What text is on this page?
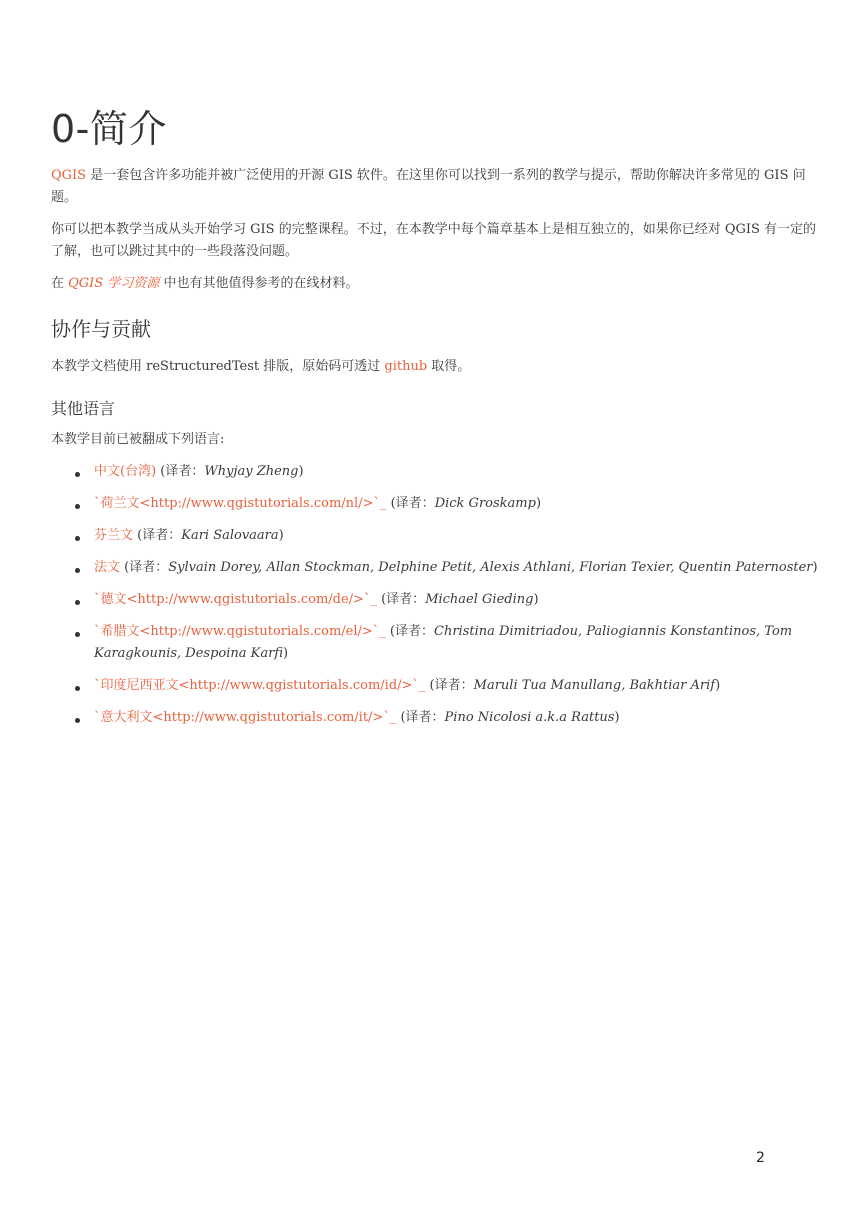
0-简介

QGIS 是一套包含许多功能并被广泛使用的开源 GIS 软件。在这里你可以找到一系列的教学与提示，帮助你解决许多常见的 GIS 问题。

你可以把本教学当成从头开始学习 GIS 的完整课程。不过，在本教学中每个篇章基本上是相互独立的，如果你已经对 QGIS 有一定的了解，也可以跳过其中的一些段落没问题。

在 QGIS 学习资源 中也有其他值得参考的在线材料。

协作与贡献

本教学文档使用 reStructuredTest 排版，原始码可透过 github 取得。

其他语言

本教学目前已被翻成下列语言:

中文(台湾) (译者：Whyjay Zheng)
`荷兰文<http://www.qgistutorials.com/nl/>`_ (译者：Dick Groskamp)
芬兰文 (译者：Kari Salovaara)
法文 (译者：Sylvain Dorey, Allan Stockman, Delphine Petit, Alexis Athlani, Florian Texier, Quentin Paternoster)
`德文<http://www.qgistutorials.com/de/>`_ (译者：Michael Gieding)
`希腊文<http://www.qgistutorials.com/el/>`_ (译者：Christina Dimitriadou, Paliogiannis Konstantinos, Tom Karagkounis, Despoina Karfi)
`印度尼西亚文<http://www.qgistutorials.com/id/>`_ (译者：Maruli Tua Manullang, Bakhtiar Arif)
`意大利文<http://www.qgistutorials.com/it/>`_ (译者：Pino Nicolosi a.k.a Rattus)
2
